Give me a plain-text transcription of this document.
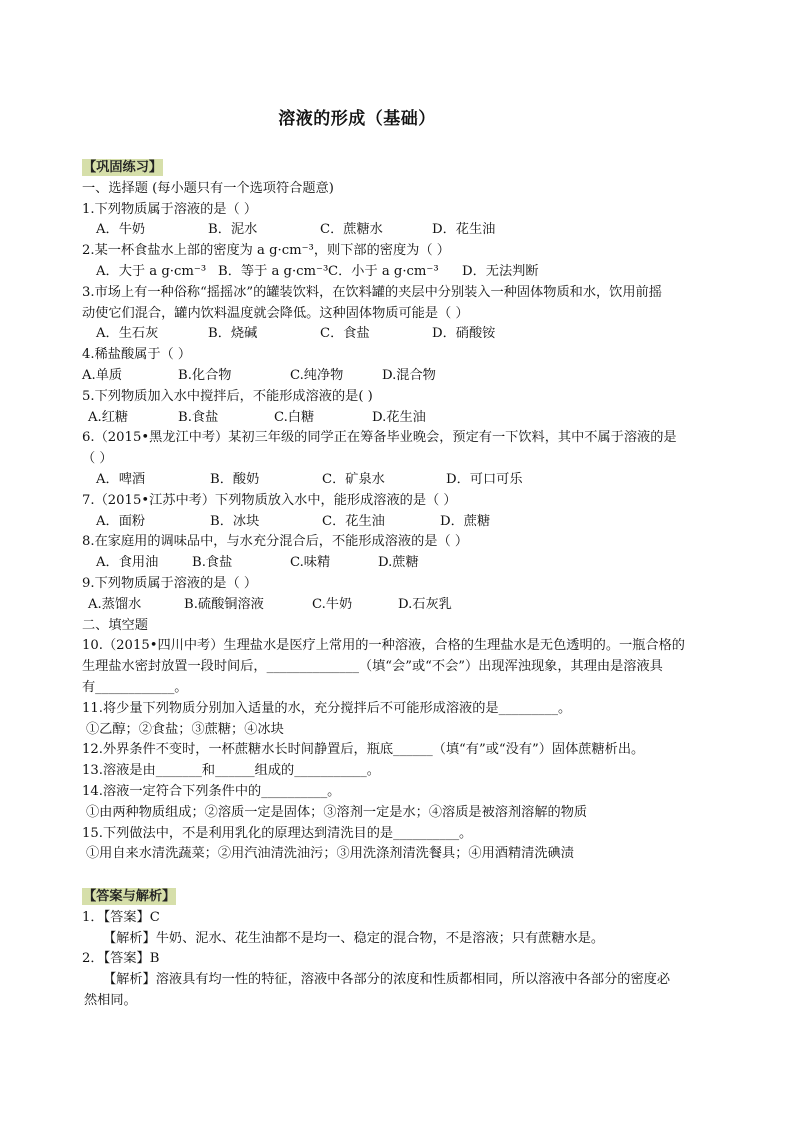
溶液的形成（基础）
【巩固练习】
一、选择题 (每小题只有一个选项符合题意)
1.下列物质属于溶液的是（ ）
A．牛奶	B．泥水	C．蔗糖水	D．花生油
2.某一杯食盐水上部的密度为 a g·cm⁻³，则下部的密度为（ ）
A．大于 a g·cm⁻³ B．等于 a g·cm⁻³ C．小于 a g·cm⁻³	D．无法判断
3.市场上有一种俗称“摇摇冰”的罐装饮料，在饮料罐的夹层中分别装入一种固体物质和水，饮用前摇
动使它们混合，罐内饮料温度就会降低。这种固体物质可能是（ ）
A．生石灰	B．烧碱	C．食盐	D．硝酸铵
4.稀盐酸属于（ ）
A.单质	B.化合物	C.纯净物	D.混合物
5.下列物质加入水中搅拌后，不能形成溶液的是( )
A.红糖	B.食盐	C.白糖	D.花生油
6.（2015•黑龙江中考）某初三年级的同学正在筹备毕业晚会，预定有一下饮料，其中不属于溶液的是
（ ）
A．啤酒	B．酸奶	C．矿泉水	D．可口可乐
7.（2015•江苏中考）下列物质放入水中，能形成溶液的是（ ）
A．面粉	B．冰块	C．花生油	D．蔗糖
8.在家庭用的调味品中，与水充分混合后，不能形成溶液的是（ ）
A．食用油	B.食盐	C.味精	D.蔗糖
9.下列物质属于溶液的是（ ）
A.蒸馏水	B.硫酸铜溶液	C.牛奶	D.石灰乳
二、填空题
10.（2015•四川中考）生理盐水是医疗上常用的一种溶液，合格的生理盐水是无色透明的。一瓶合格的
生理盐水密封放置一段时间后，______________（填“会”或“不会”）出现浑浊现象，其理由是溶液具
有____________。
11.将少量下列物质分别加入适量的水，充分搅拌后不可能形成溶液的是_________。
①乙醇；②食盐；③蔗糖；④冰块
12.外界条件不变时，一杯蔗糖水长时间静置后，瓶底______（填“有”或“没有”）固体蔗糖析出。
13.溶液是由_______和______组成的___________。
14.溶液一定符合下列条件中的__________。
①由两种物质组成；②溶质一定是固体；③溶剂一定是水；④溶质是被溶剂溶解的物质
15.下列做法中，不是利用乳化的原理达到清洗目的是__________。
①用自来水清洗蔬菜；②用汽油清洗油污；③用洗涤剂清洗餐具；④用酒精清洗碘渍
【答案与解析】
1．【答案】C
【解析】牛奶、泥水、花生油都不是均一、稳定的混合物，不是溶液；只有蔗糖水是。
2．【答案】B
【解析】溶液具有均一性的特征，溶液中各部分的浓度和性质都相同，所以溶液中各部分的密度必
然相同。
